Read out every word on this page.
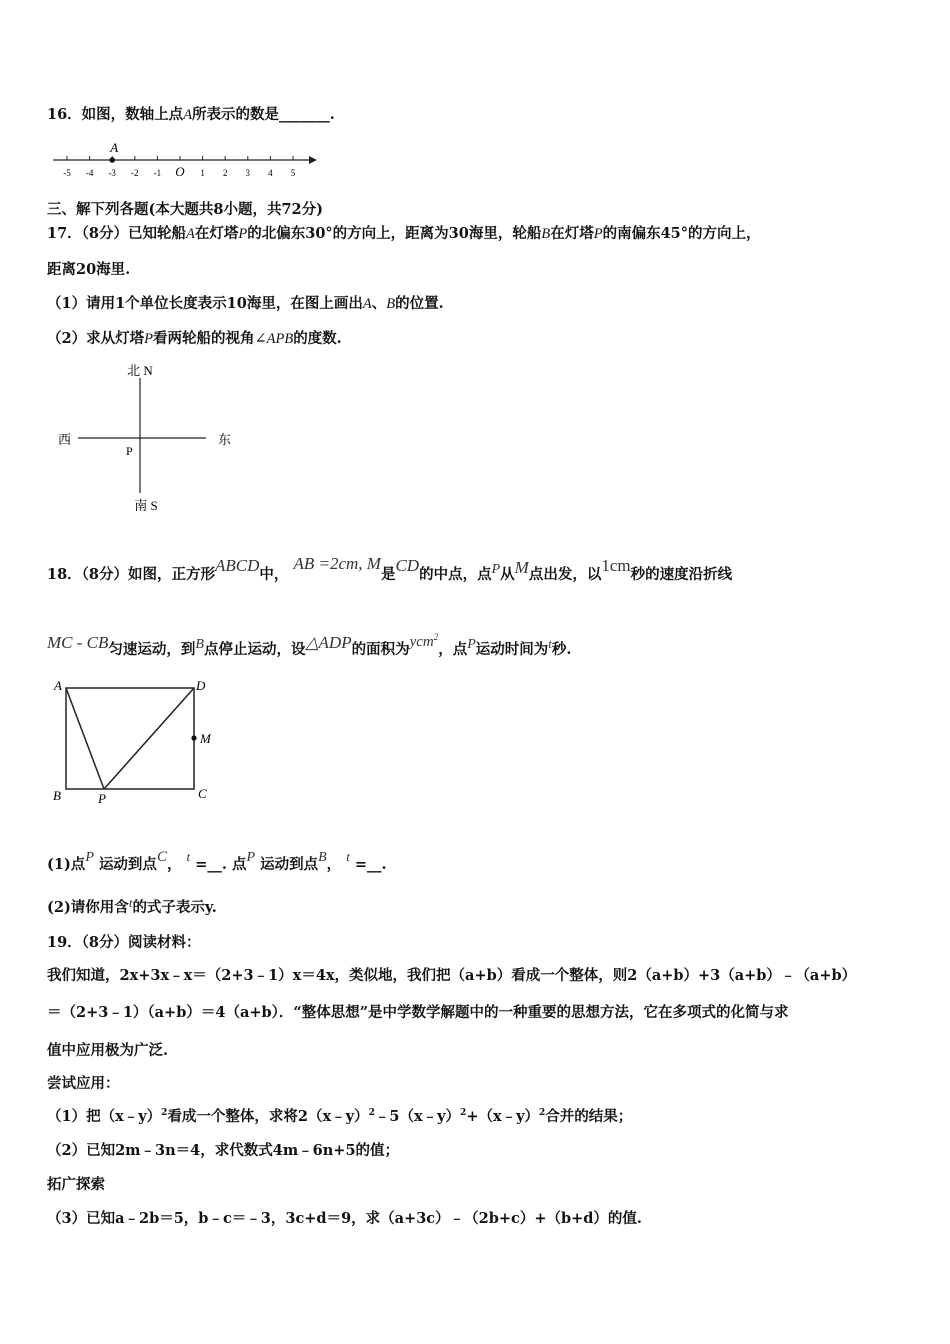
16．如图，数轴上点A所表示的数是_______.
-5 -4 -3 -2 -1 O 1 2 3 4 5
A
三、解下列各题(本大题共8小题，共72分)
17．（8分）已知轮船A在灯塔P的北偏东30°的方向上，距离为30海里，轮船B在灯塔P的南偏东45°的方向上，
距离20海里.
（1）请用1个单位长度表示10海里，在图上画出A、B的位置.
（2）求从灯塔P看两轮船的视角∠APB的度数.
北 N
南 S
西	东
P
18．（8分）如图，正方形ABCD中， AB =2cm, M是CD的中点，点P从M点出发，以1cm秒的速度沿折线
MC - CB匀速运动，到B点停止运动，设△ADP的面积为ycm$^2$，点P运动时间为t秒.
A	D
M
B	P	C
(1)点P 运动到点C， t =__. 点P 运动到点B， t =__.
(2)请你用含t的式子表示y.
19．（8分）阅读材料：
我们知道，2x+3x﹣x＝（2+3﹣1）x＝4x，类似地，我们把（a+b）看成一个整体，则2（a+b）+3（a+b）﹣（a+b）
＝（2+3﹣1）（a+b）＝4（a+b）．“整体思想”是中学数学解题中的一种重要的思想方法，它在多项式的化简与求
值中应用极为广泛.
尝试应用：
（1）把（x﹣y）$^2$看成一个整体，求将2（x﹣y）$^2$﹣5（x﹣y）$^2$+（x﹣y）$^2$合并的结果；
（2）已知2m﹣3n＝4，求代数式4m﹣6n+5的值；
拓广探索
（3）已知a﹣2b＝5，b﹣c＝﹣3，3c+d＝9，求（a+3c）﹣（2b+c）+（b+d）的值.
